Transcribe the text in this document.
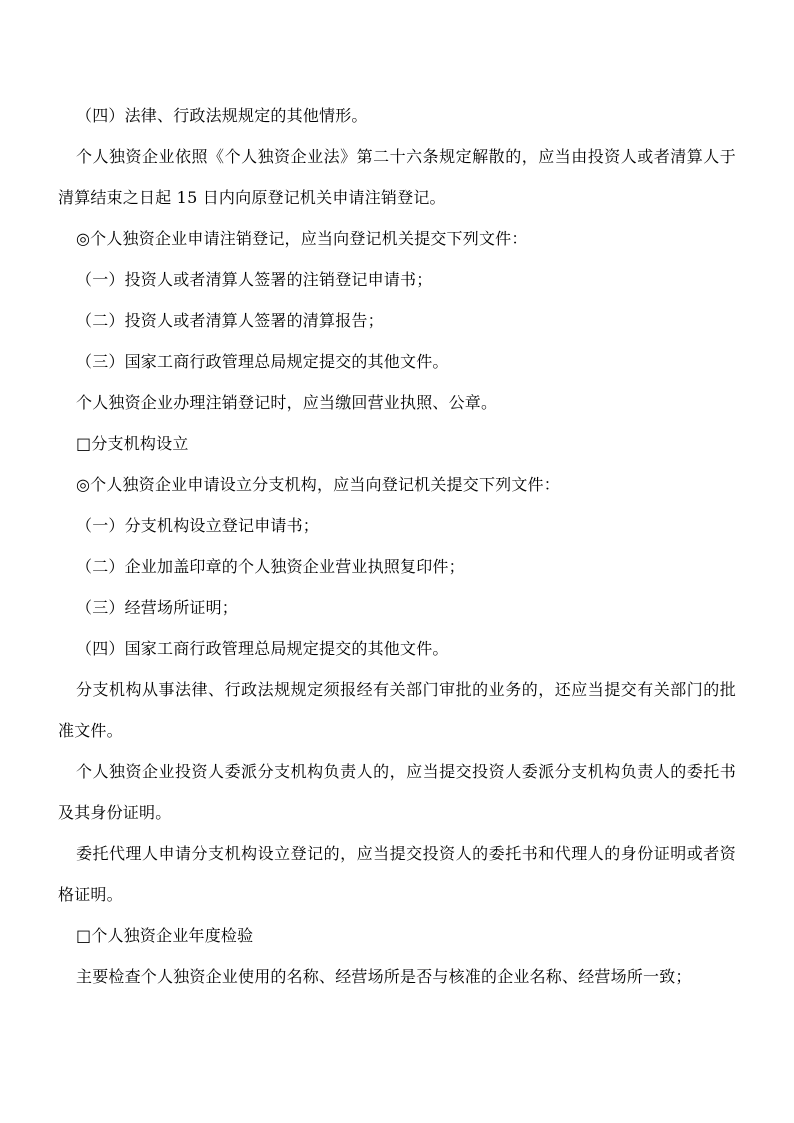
（四）法律、行政法规规定的其他情形。

个人独资企业依照《个人独资企业法》第二十六条规定解散的，应当由投资人或者清算人于清算结束之日起 15 日内向原登记机关申请注销登记。

◎个人独资企业申请注销登记，应当向登记机关提交下列文件：

（一）投资人或者清算人签署的注销登记申请书；

（二）投资人或者清算人签署的清算报告；

（三）国家工商行政管理总局规定提交的其他文件。

个人独资企业办理注销登记时，应当缴回营业执照、公章。

□分支机构设立

◎个人独资企业申请设立分支机构，应当向登记机关提交下列文件：

（一）分支机构设立登记申请书；

（二）企业加盖印章的个人独资企业营业执照复印件；

（三）经营场所证明；

（四）国家工商行政管理总局规定提交的其他文件。

分支机构从事法律、行政法规规定须报经有关部门审批的业务的，还应当提交有关部门的批准文件。

个人独资企业投资人委派分支机构负责人的，应当提交投资人委派分支机构负责人的委托书及其身份证明。

委托代理人申请分支机构设立登记的，应当提交投资人的委托书和代理人的身份证明或者资格证明。

□个人独资企业年度检验

主要检查个人独资企业使用的名称、经营场所是否与核准的企业名称、经营场所一致；
